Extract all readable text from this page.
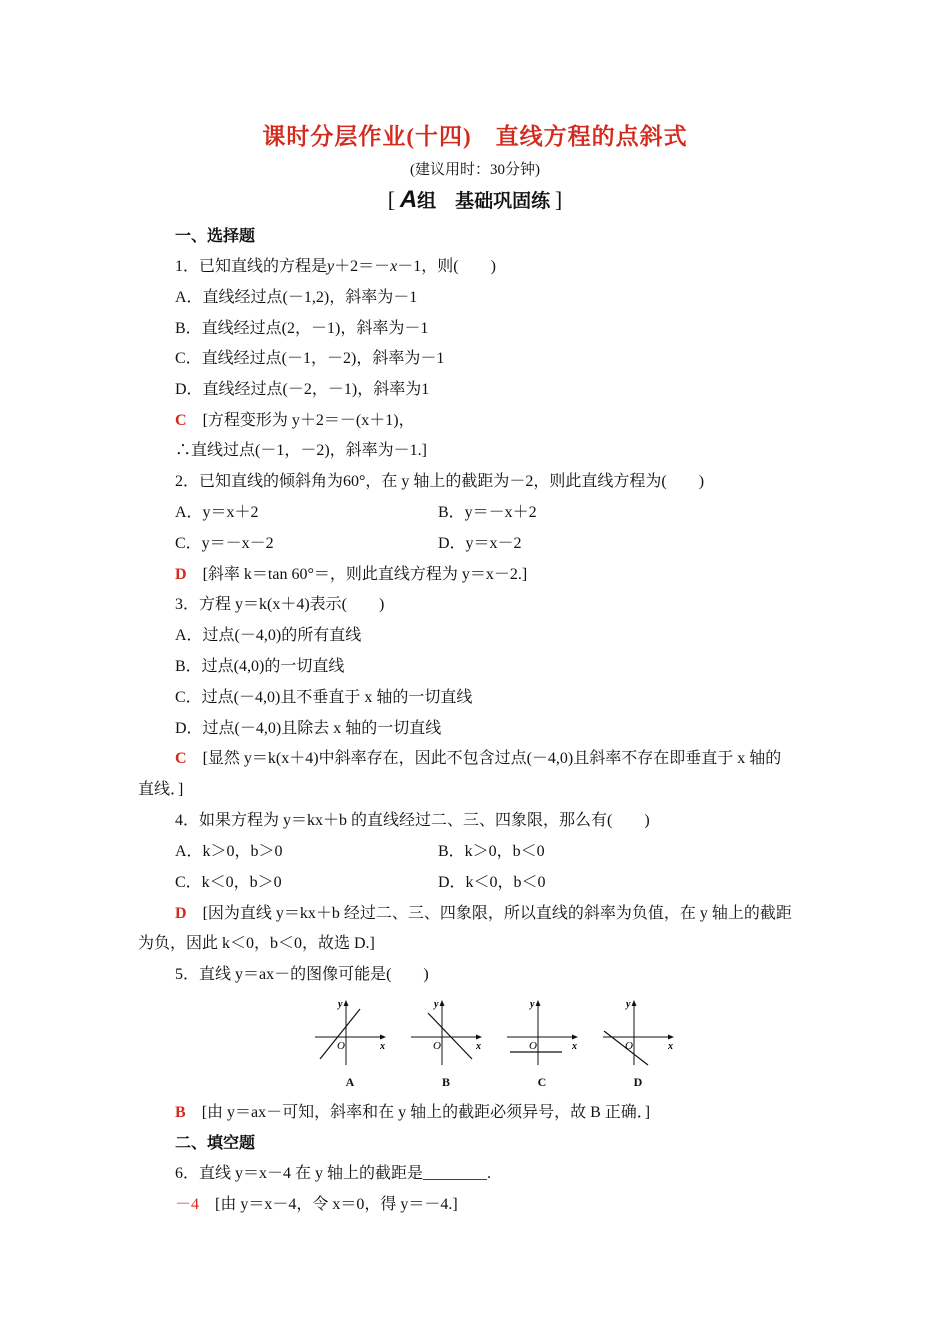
课时分层作业(十四)　直线方程的点斜式
(建议用时：30分钟)
[ A组　基础巩固练 ]
一、选择题
1．已知直线的方程是y＋2＝－x－1，则(　　)
A．直线经过点(－1,2)，斜率为－1
B．直线经过点(2，－1)，斜率为－1
C．直线经过点(－1，－2)，斜率为－1
D．直线经过点(－2，－1)，斜率为1
C　 [方程变形为 y＋2＝－(x＋1)，
∴直线过点(－1，－2)，斜率为－1.]
2．已知直线的倾斜角为60°，在 y 轴上的截距为－2，则此直线方程为(　　)
A．y＝x＋2	B．y＝－x＋2
C．y＝－x－2	D．y＝x－2
D　 [斜率 k＝tan 60°＝，则此直线方程为 y＝x－2.]
3．方程 y＝k(x＋4)表示(　　)
A．过点(－4,0)的所有直线
B．过点(4,0)的一切直线
C．过点(－4,0)且不垂直于 x 轴的一切直线
D．过点(－4,0)且除去 x 轴的一切直线
C　 [显然 y＝k(x＋4)中斜率存在，因此不包含过点(－4,0)且斜率不存在即垂直于 x 轴的
直线．]
4．如果方程为 y＝kx＋b 的直线经过二、三、四象限，那么有(　　)
A．k＞0，b＞0	B．k＞0，b＜0
C．k＜0，b＞0	D．k＜0，b＜0
D　 [因为直线 y＝kx＋b 经过二、三、四象限，所以直线的斜率为负值，在 y 轴上的截距
为负，因此 k＜0，b＜0，故选 D.]
5．直线 y＝ax－的图像可能是(　　)
y
x
O
A
y
x
O
B
y
x
O
C
y
x
O
D
B　 [由 y＝ax－可知，斜率和在 y 轴上的截距必须异号，故 B 正确．]
二、填空题
6．直线 y＝x－4 在 y 轴上的截距是________.
－4　 [由 y＝x－4，令 x＝0，得 y＝－4.]
